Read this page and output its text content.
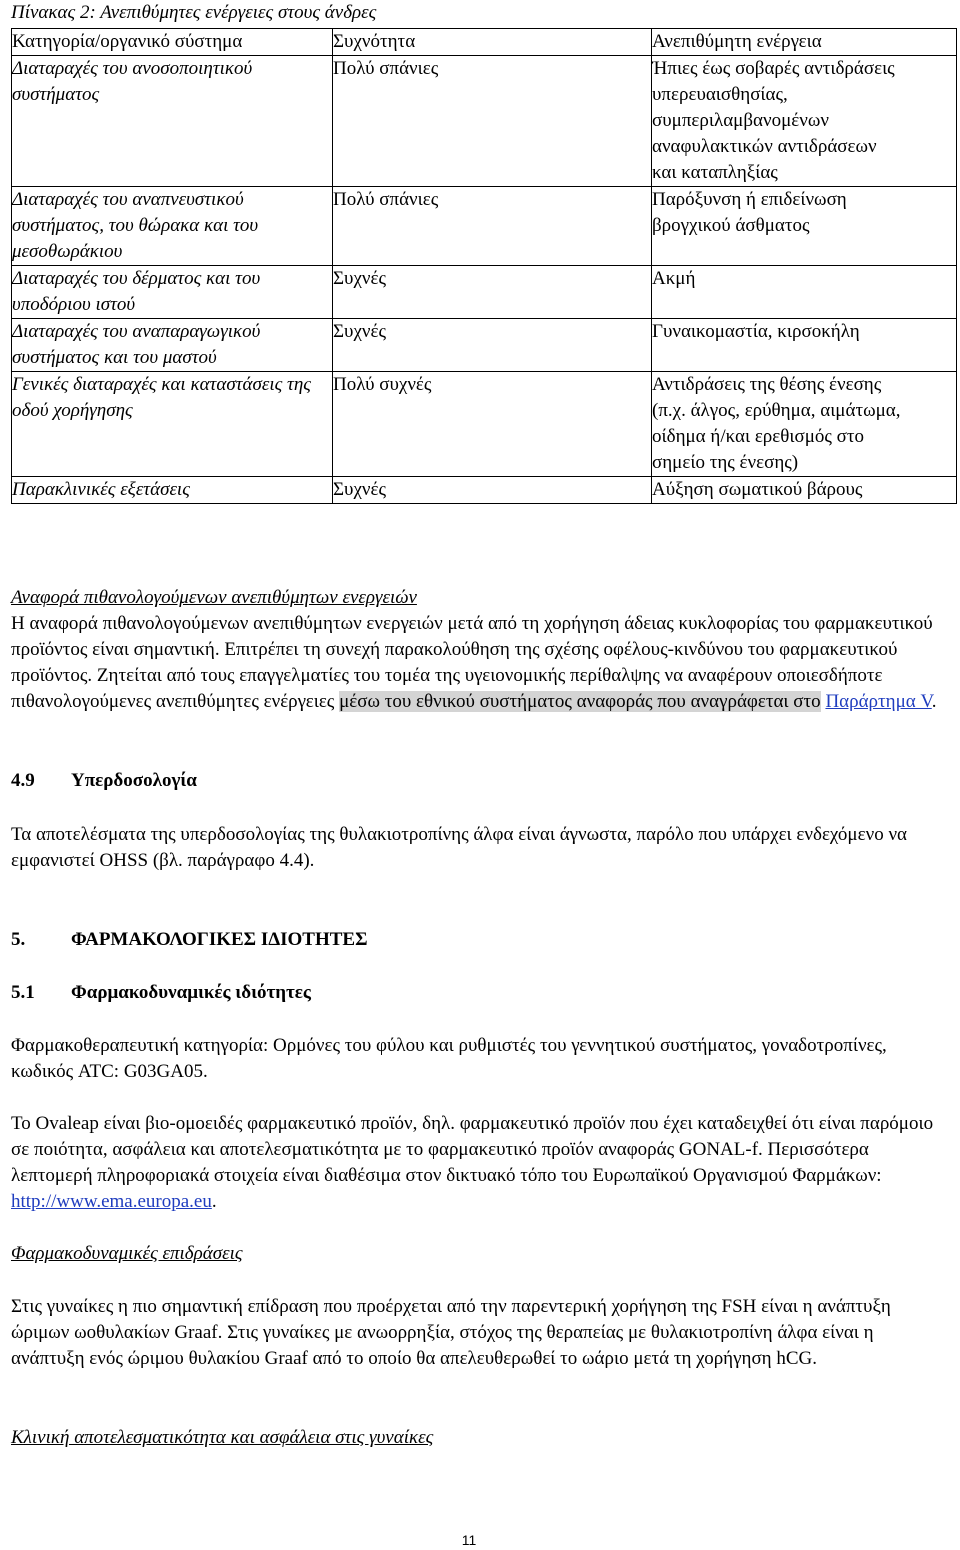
Πίνακας 2: Ανεπιθύμητες ενέργειες στους άνδρες
Κατηγορία/οργανικό σύστημα	Συχνότητα	Ανεπιθύμητη ενέργεια

Διαταραχές του ανοσοποιητικού συστήματος	Πολύ σπάνιες	Ήπιες έως σοβαρές αντιδράσεις υπερευαισθησίας, συμπεριλαμβανομένων αναφυλακτικών αντιδράσεων και καταπληξίας

Διαταραχές του αναπνευστικού συστήματος, του θώρακα και του μεσοθωράκιου	Πολύ σπάνιες	Παρόξυνση ή επιδείνωση βρογχικού άσθματος

Διαταραχές του δέρματος και του υποδόριου ιστού	Συχνές	Ακμή

Διαταραχές του αναπαραγωγικού συστήματος και του μαστού	Συχνές	Γυναικομαστία, κιρσοκήλη

Γενικές διαταραχές και καταστάσεις της οδού χορήγησης	Πολύ συχνές	Αντιδράσεις της θέσης ένεσης (π.χ. άλγος, ερύθημα, αιμάτωμα, οίδημα ή/και ερεθισμός στο σημείο της ένεσης)

Παρακλινικές εξετάσεις	Συχνές	Αύξηση σωματικού βάρους
Αναφορά πιθανολογούμενων ανεπιθύμητων ενεργειών
Η αναφορά πιθανολογούμενων ανεπιθύμητων ενεργειών μετά από τη χορήγηση άδειας κυκλοφορίας του φαρμακευτικού προϊόντος είναι σημαντική. Επιτρέπει τη συνεχή παρακολούθηση της σχέσης οφέλους-κινδύνου του φαρμακευτικού προϊόντος. Ζητείται από τους επαγγελματίες του τομέα της υγειονομικής περίθαλψης να αναφέρουν οποιεσδήποτε πιθανολογούμενες ανεπιθύμητες ενέργειες μέσω του εθνικού συστήματος αναφοράς που αναγράφεται στο Παράρτημα V.
4.9 Υπερδοσολογία
Τα αποτελέσματα της υπερδοσολογίας της θυλακιοτροπίνης άλφα είναι άγνωστα, παρόλο που υπάρχει ενδεχόμενο να εμφανιστεί OHSS (βλ. παράγραφο 4.4).
5. ΦΑΡΜΑΚΟΛΟΓΙΚΕΣ ΙΔΙΟΤΗΤΕΣ
5.1 Φαρμακοδυναμικές ιδιότητες
Φαρμακοθεραπευτική κατηγορία: Ορμόνες του φύλου και ρυθμιστές του γεννητικού συστήματος, γοναδοτροπίνες, κωδικός ATC: G03GA05.
Το Ovaleap είναι βιο-ομοειδές φαρμακευτικό προϊόν, δηλ. φαρμακευτικό προϊόν που έχει καταδειχθεί ότι είναι παρόμοιο σε ποιότητα, ασφάλεια και αποτελεσματικότητα με το φαρμακευτικό προϊόν αναφοράς GONAL-f. Περισσότερα λεπτομερή πληροφοριακά στοιχεία είναι διαθέσιμα στον δικτυακό τόπο του Ευρωπαϊκού Οργανισμού Φαρμάκων: http://www.ema.europa.eu.
Φαρμακοδυναμικές επιδράσεις
Στις γυναίκες η πιο σημαντική επίδραση που προέρχεται από την παρεντερική χορήγηση της FSH είναι η ανάπτυξη ώριμων ωοθυλακίων Graaf. Στις γυναίκες με ανωορρηξία, στόχος της θεραπείας με θυλακιοτροπίνη άλφα είναι η ανάπτυξη ενός ώριμου θυλακίου Graaf από το οποίο θα απελευθερωθεί το ωάριο μετά τη χορήγηση hCG.
Κλινική αποτελεσματικότητα και ασφάλεια στις γυναίκες
11
